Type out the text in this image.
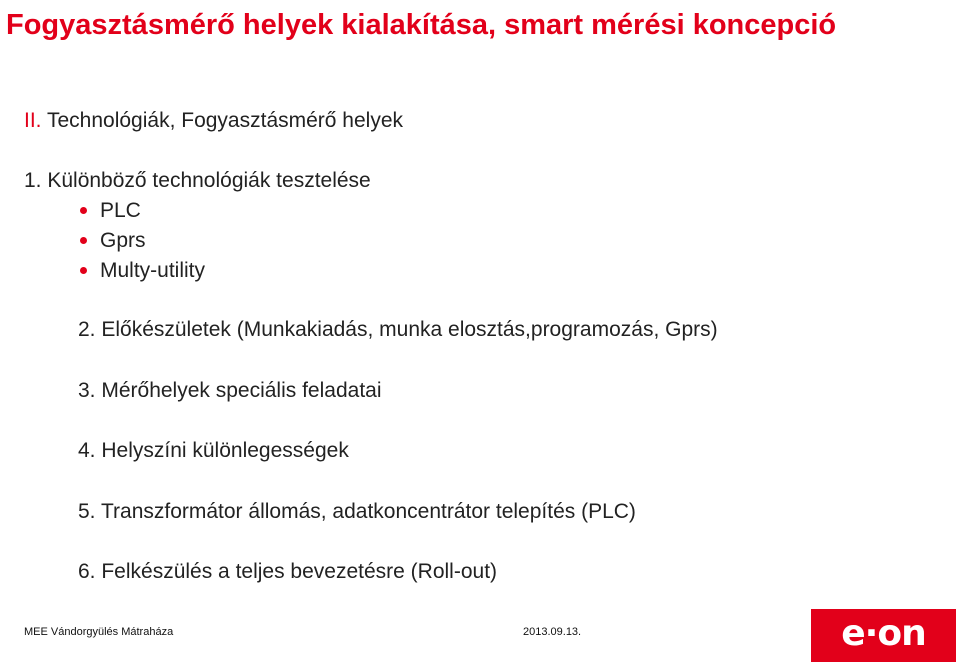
Fogyasztásmérő helyek kialakítása, smart mérési koncepció

II. Technológiák, Fogyasztásmérő helyek

1. Különböző technológiák tesztelése
PLC
Gprs
Multy-utility
2. Előkészületek (Munkakiadás, munka elosztás,programozás, Gprs)
3. Mérőhelyek speciális feladatai
4. Helyszíni különlegességek
5. Transzformátor állomás, adatkoncentrátor telepítés (PLC)
6. Felkészülés a teljes bevezetésre (Roll-out)
MEE Vándorgyülés Mátraháza	2013.09.13.	e·on
